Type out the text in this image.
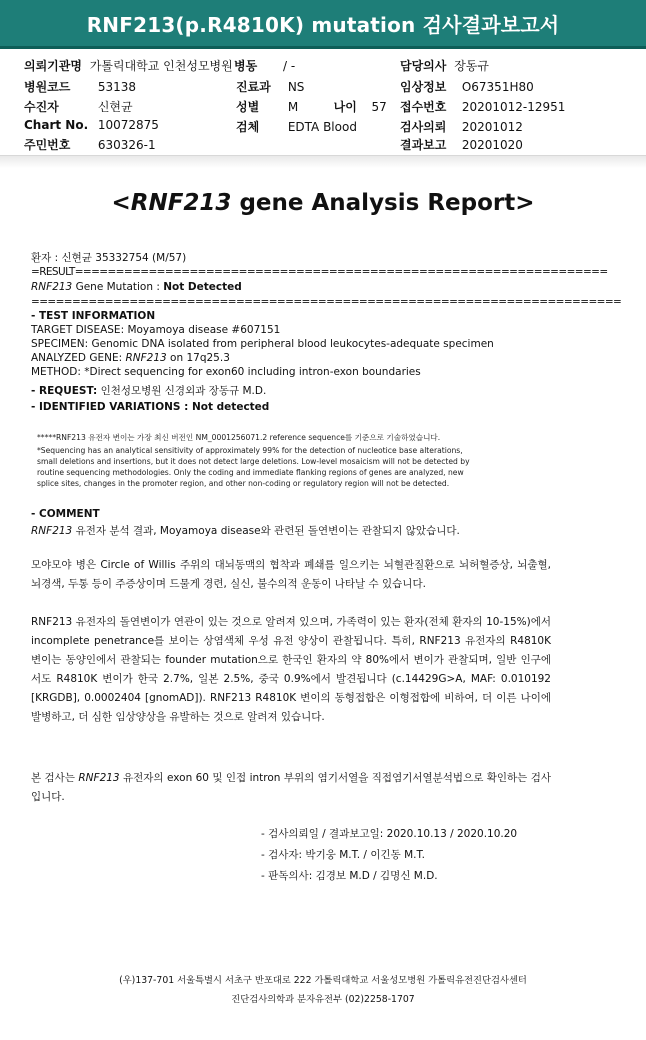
RNF213(p.R4810K) mutation 검사결과보고서
의뢰기관명 가톨릭대학교 인천성모병원 병동 / -	담당의사 장동규
병원코드 53138	진료과 NS	임상정보 O67351H80
수진자	신현균	성별 M	나이 57 접수번호 20201012-12951
Chart No. 10072875	검체 EDTA Blood	검사의뢰 20201012
주민번호 630326-1	결과보고 20201020
<RNF213 gene Analysis Report>
환자 : 신현균 35332754 (M/57)
=RESULT=================================================================
RNF213 Gene Mutation : Not Detected
========================================================================
- TEST INFORMATION
TARGET DISEASE: Moyamoya disease #607151
SPECIMEN: Genomic DNA isolated from peripheral blood leukocytes-adequate specimen
ANALYZED GENE: RNF213 on 17q25.3
METHOD: *Direct sequencing for exon60 including intron-exon boundaries
- REQUEST: 인천성모병원 신경외과 장동규 M.D.
- IDENTIFIED VARIATIONS : Not detected
*****RNF213 유전자 변이는 가장 최신 버전인 NM_0001256071.2 reference sequence를 기준으로 기술하였습니다.
*Sequencing has an analytical sensitivity of approximately 99% for the detection of nucleotice base alterations,
small deletions and insertions, but it does not detect large deletions. Low-level mosaicism will not be detected by
routine sequencing methodologies. Only the coding and immediate flanking regions of genes are analyzed, new
splice sites, changes in the promoter region, and other non-coding or regulatory region will not be detected.
- COMMENT
RNF213 유전자 분석 결과, Moyamoya disease와 관련된 돌연변이는 관찰되지 않았습니다.
모야모야 병은 Circle of Willis 주위의 대뇌동맥의 협착과 폐쇄를 일으키는 뇌혈관질환으로 뇌허혈증상, 뇌출혈, 뇌경색, 두통 등이 주증상이며 드물게 경련, 실신, 불수의적 운동이 나타날 수 있습니다.
RNF213 유전자의 돌연변이가 연관이 있는 것으로 알려져 있으며, 가족력이 있는 환자(전체 환자의 10-15%)에서 incomplete penetrance를 보이는 상염색체 우성 유전 양상이 관찰됩니다. 특히, RNF213 유전자의 R4810K 변이는 동양인에서 관찰되는 founder mutation으로 한국인 환자의 약 80%에서 변이가 관찰되며, 일반 인구에서도 R4810K 변이가 한국 2.7%, 일본 2.5%, 중국 0.9%에서 발견됩니다 (c.14429G>A, MAF: 0.010192 [KRGDB], 0.0002404 [gnomAD]). RNF213 R4810K 변이의 동형접합은 이형접합에 비하여, 더 이른 나이에 발병하고, 더 심한 임상양상을 유발하는 것으로 알려져 있습니다.
본 검사는 RNF213 유전자의 exon 60 및 인접 intron 부위의 염기서열을 직접염기서열분석법으로 확인하는 검사입니다.
- 검사의뢰일 / 결과보고일: 2020.10.13 / 2020.10.20
- 검사자: 박기웅 M.T. / 이긴동 M.T.
- 판독의사: 김경보 M.D / 김명신 M.D.
(우)137-701 서울특별시 서초구 반포대로 222 가톨릭대학교 서울성모병원 가톨릭유전진단검사센터
진단검사의학과 분자유전부 (02)2258-1707
